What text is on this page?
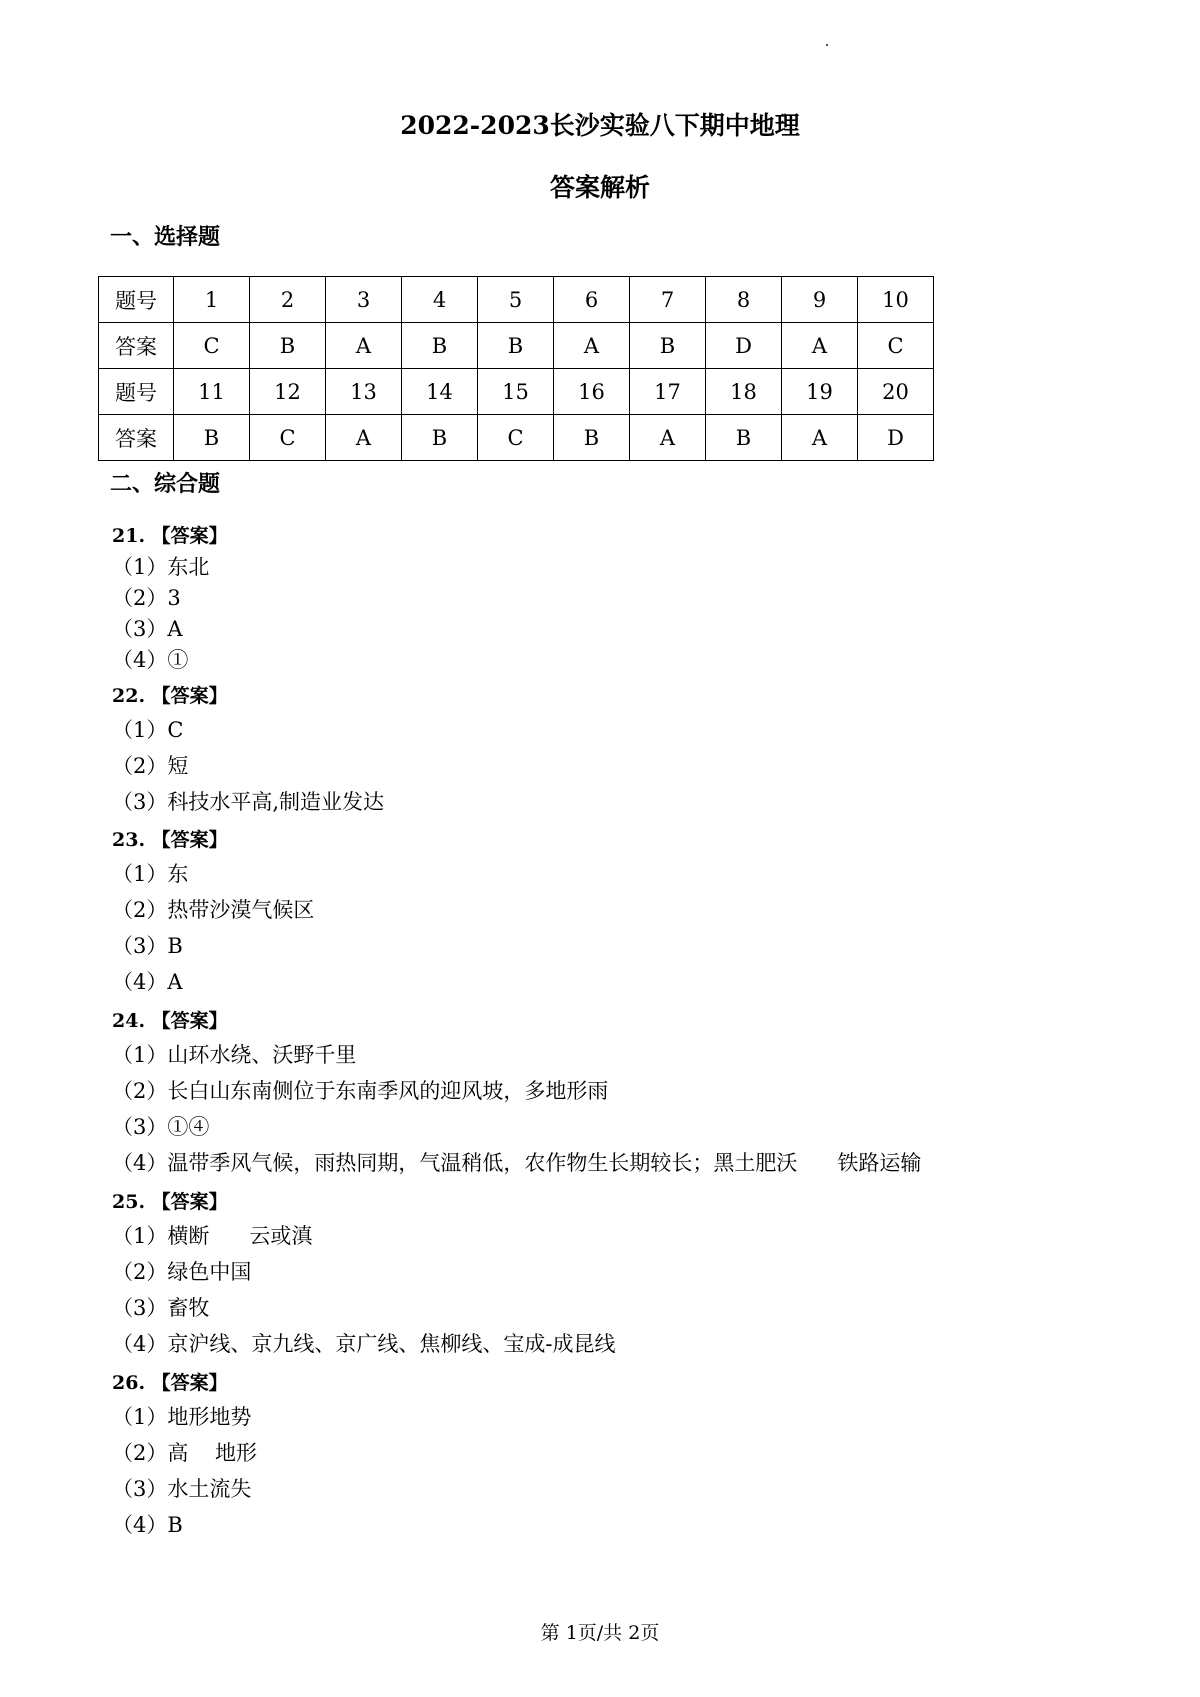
2022-2023长沙实验八下期中地理
答案解析
一、选择题
题号	1	2	3	4	5	6	7	8	9	10
答案	C	B	A	B	B	A	B	D	A	C
题号	11	12	13	14	15	16	17	18	19	20
答案	B	C	A	B	C	B	A	B	A	D
二、综合题
21. 【答案】
（1）东北
（2）3
（3）A
（4）①
22. 【答案】
（1）C
（2）短
（3）科技水平高,制造业发达
23. 【答案】
（1）东
（2）热带沙漠气候区
（3）B
（4）A
24. 【答案】
（1）山环水绕、沃野千里
（2）长白山东南侧位于东南季风的迎风坡，多地形雨
（3）①④
（4）温带季风气候，雨热同期，气温稍低，农作物生长期较长；黑土肥沃      铁路运输
25. 【答案】
（1）横断      云或滇
（2）绿色中国
（3）畜牧
（4）京沪线、京九线、京广线、焦柳线、宝成-成昆线
26. 【答案】
（1）地形地势
（2）高    地形
（3）水土流失
（4）B
第 1页/共 2页
